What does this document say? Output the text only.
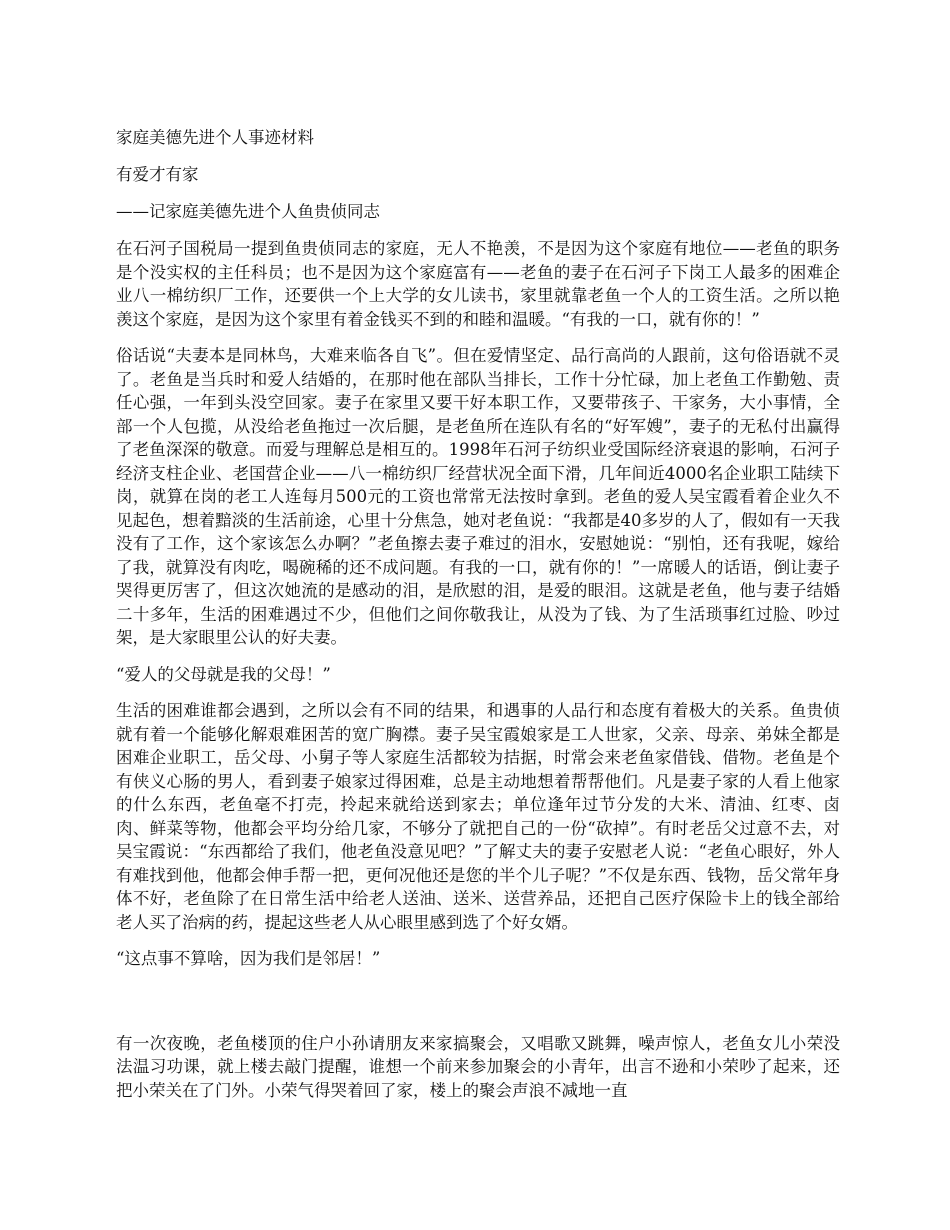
家庭美德先进个人事迹材料

有爱才有家

——记家庭美德先进个人鱼贵侦同志

在石河子国税局一提到鱼贵侦同志的家庭，无人不艳羡，不是因为这个家庭有地位——老鱼的职务是个没实权的主任科员；也不是因为这个家庭富有——老鱼的妻子在石河子下岗工人最多的困难企业八一棉纺织厂工作，还要供一个上大学的女儿读书，家里就靠老鱼一个人的工资生活。之所以艳羡这个家庭，是因为这个家里有着金钱买不到的和睦和温暖。“有我的一口，就有你的！”

俗话说“夫妻本是同林鸟，大难来临各自飞”。但在爱情坚定、品行高尚的人跟前，这句俗语就不灵了。老鱼是当兵时和爱人结婚的，在那时他在部队当排长，工作十分忙碌，加上老鱼工作勤勉、责任心强，一年到头没空回家。妻子在家里又要干好本职工作，又要带孩子、干家务，大小事情，全部一个人包揽，从没给老鱼拖过一次后腿，是老鱼所在连队有名的“好军嫂”，妻子的无私付出赢得了老鱼深深的敬意。而爱与理解总是相互的。1998年石河子纺织业受国际经济衰退的影响，石河子经济支柱企业、老国营企业——八一棉纺织厂经营状况全面下滑，几年间近4000名企业职工陆续下岗，就算在岗的老工人连每月500元的工资也常常无法按时拿到。老鱼的爱人吴宝霞看着企业久不见起色，想着黯淡的生活前途，心里十分焦急，她对老鱼说：“我都是40多岁的人了，假如有一天我没有了工作，这个家该怎么办啊？”老鱼擦去妻子难过的泪水，安慰她说：“别怕，还有我呢，嫁给了我，就算没有肉吃，喝碗稀的还不成问题。有我的一口，就有你的！”一席暖人的话语，倒让妻子哭得更厉害了，但这次她流的是感动的泪，是欣慰的泪，是爱的眼泪。这就是老鱼，他与妻子结婚二十多年，生活的困难遇过不少，但他们之间你敬我让，从没为了钱、为了生活琐事红过脸、吵过架，是大家眼里公认的好夫妻。

“爱人的父母就是我的父母！”

生活的困难谁都会遇到，之所以会有不同的结果，和遇事的人品行和态度有着极大的关系。鱼贵侦就有着一个能够化解艰难困苦的宽广胸襟。妻子吴宝霞娘家是工人世家，父亲、母亲、弟妹全都是困难企业职工，岳父母、小舅子等人家庭生活都较为拮据，时常会来老鱼家借钱、借物。老鱼是个有侠义心肠的男人，看到妻子娘家过得困难，总是主动地想着帮帮他们。凡是妻子家的人看上他家的什么东西，老鱼毫不打売，拎起来就给送到家去；单位逢年过节分发的大米、清油、红枣、卤肉、鲜菜等物，他都会平均分给几家，不够分了就把自己的一份“砍掉”。有时老岳父过意不去，对吴宝霞说：“东西都给了我们，他老鱼没意见吧？”了解丈夫的妻子安慰老人说：“老鱼心眼好，外人有难找到他，他都会伸手帮一把，更何况他还是您的半个儿子呢？”不仅是东西、钱物，岳父常年身体不好，老鱼除了在日常生活中给老人送油、送米、送营养品，还把自己医疗保险卡上的钱全部给老人买了治病的药，提起这些老人从心眼里感到选了个好女婿。

“这点事不算啥，因为我们是邻居！”

有一次夜晚，老鱼楼顶的住户小孙请朋友来家搞聚会，又唱歌又跳舞，噪声惊人，老鱼女儿小荣没法温习功课，就上楼去敲门提醒，谁想一个前来参加聚会的小青年，出言不逊和小荣吵了起来，还把小荣关在了门外。小荣气得哭着回了家，楼上的聚会声浪不减地一直
